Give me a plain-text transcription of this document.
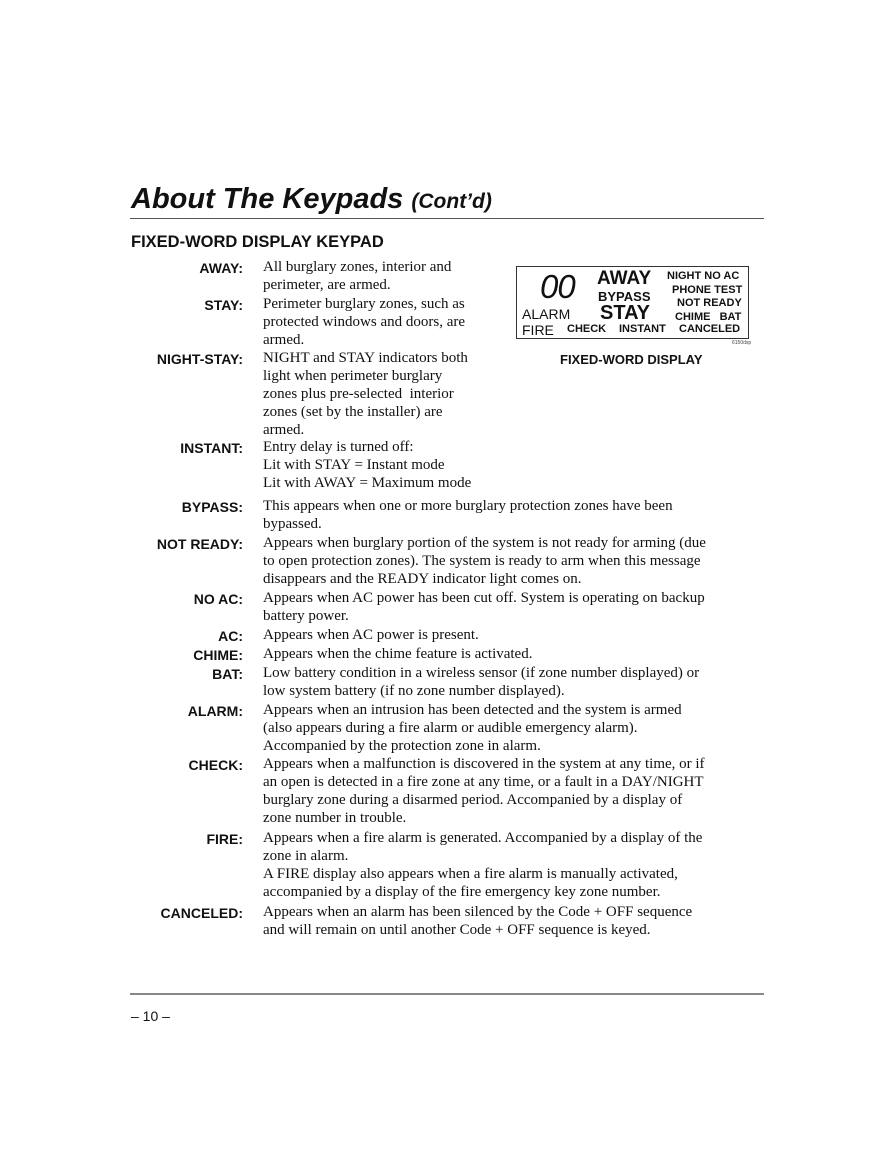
About The Keypads (Cont’d)
FIXED-WORD DISPLAY KEYPAD
00 AWAY
BYPASS
ALARM STAY
FIRE CHECK INSTANT
NIGHT NO AC
PHONE TEST
NOT READY
CHIME   BAT
CANCELED
6150dsp
FIXED-WORD DISPLAY
AWAY: All burglary zones, interior and
perimeter, are armed.
STAY: Perimeter burglary zones, such as
protected windows and doors, are
armed.
NIGHT-STAY: NIGHT and STAY indicators both
light when perimeter burglary
zones plus pre-selected  interior
zones (set by the installer) are
armed.
INSTANT: Entry delay is turned off:
Lit with STAY = Instant mode
Lit with AWAY = Maximum mode
BYPASS: This appears when one or more burglary protection zones have been
bypassed.
NOT READY: Appears when burglary portion of the system is not ready for arming (due
to open protection zones). The system is ready to arm when this message
disappears and the READY indicator light comes on.
NO AC: Appears when AC power has been cut off. System is operating on backup
battery power.
AC: Appears when AC power is present.
CHIME: Appears when the chime feature is activated.
BAT: Low battery condition in a wireless sensor (if zone number displayed) or
low system battery (if no zone number displayed).
ALARM: Appears when an intrusion has been detected and the system is armed
(also appears during a fire alarm or audible emergency alarm).
Accompanied by the protection zone in alarm.
CHECK: Appears when a malfunction is discovered in the system at any time, or if
an open is detected in a fire zone at any time, or a fault in a DAY/NIGHT
burglary zone during a disarmed period. Accompanied by a display of
zone number in trouble.
FIRE: Appears when a fire alarm is generated. Accompanied by a display of the
zone in alarm.
A FIRE display also appears when a fire alarm is manually activated,
accompanied by a display of the fire emergency key zone number.
CANCELED: Appears when an alarm has been silenced by the Code + OFF sequence
and will remain on until another Code + OFF sequence is keyed.
– 10 –
